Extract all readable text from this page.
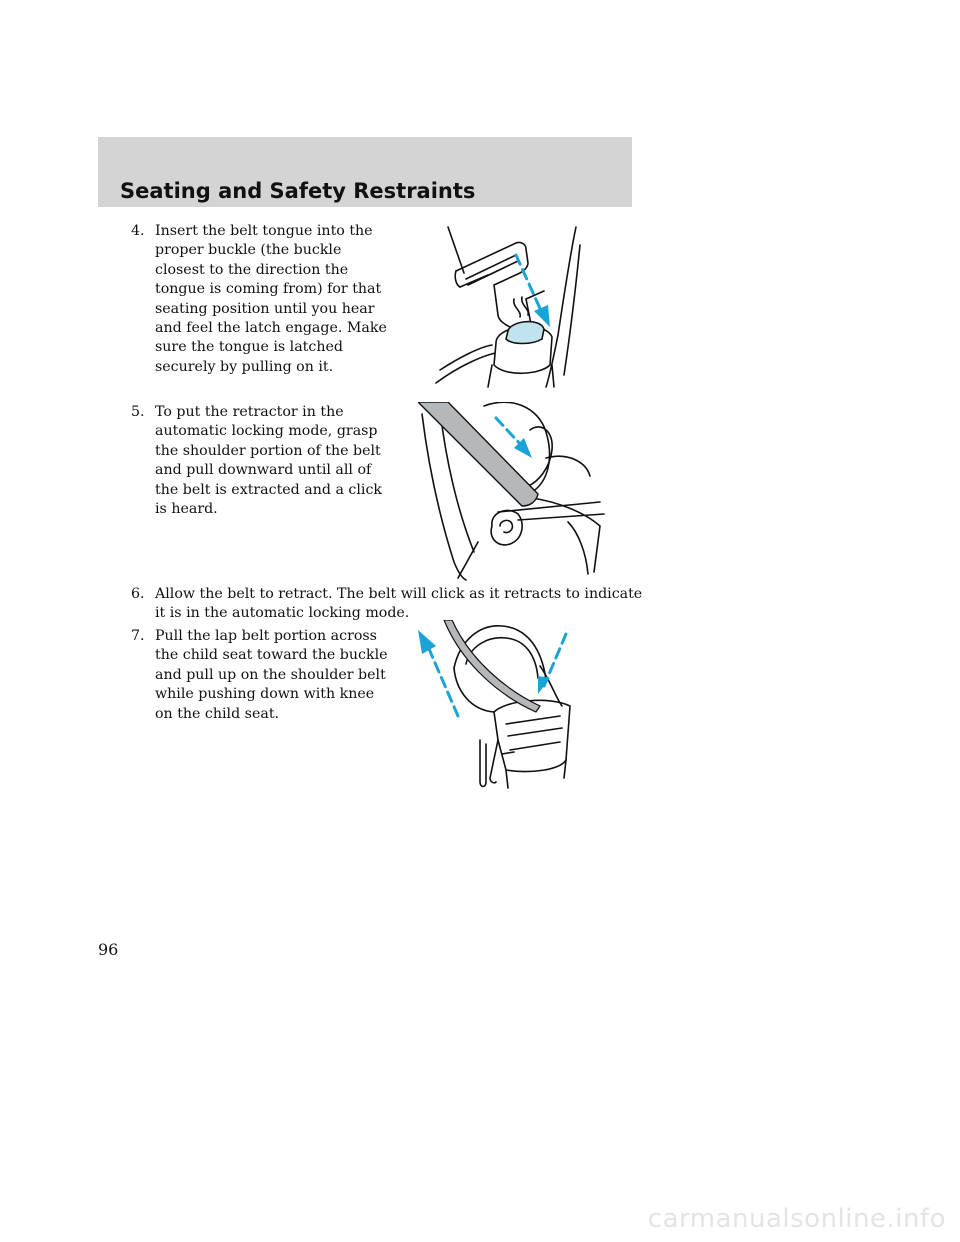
Seating and Safety Restraints
4. Insert the belt tongue into the
proper buckle (the buckle
closest to the direction the
tongue is coming from) for that
seating position until you hear
and feel the latch engage. Make
sure the tongue is latched
securely by pulling on it.
5. To put the retractor in the
automatic locking mode, grasp
the shoulder portion of the belt
and pull downward until all of
the belt is extracted and a click
is heard.
6. Allow the belt to retract. The belt will click as it retracts to indicate
it is in the automatic locking mode.
7. Pull the lap belt portion across
the child seat toward the buckle
and pull up on the shoulder belt
while pushing down with knee
on the child seat.
96
carmanualsonline.info
